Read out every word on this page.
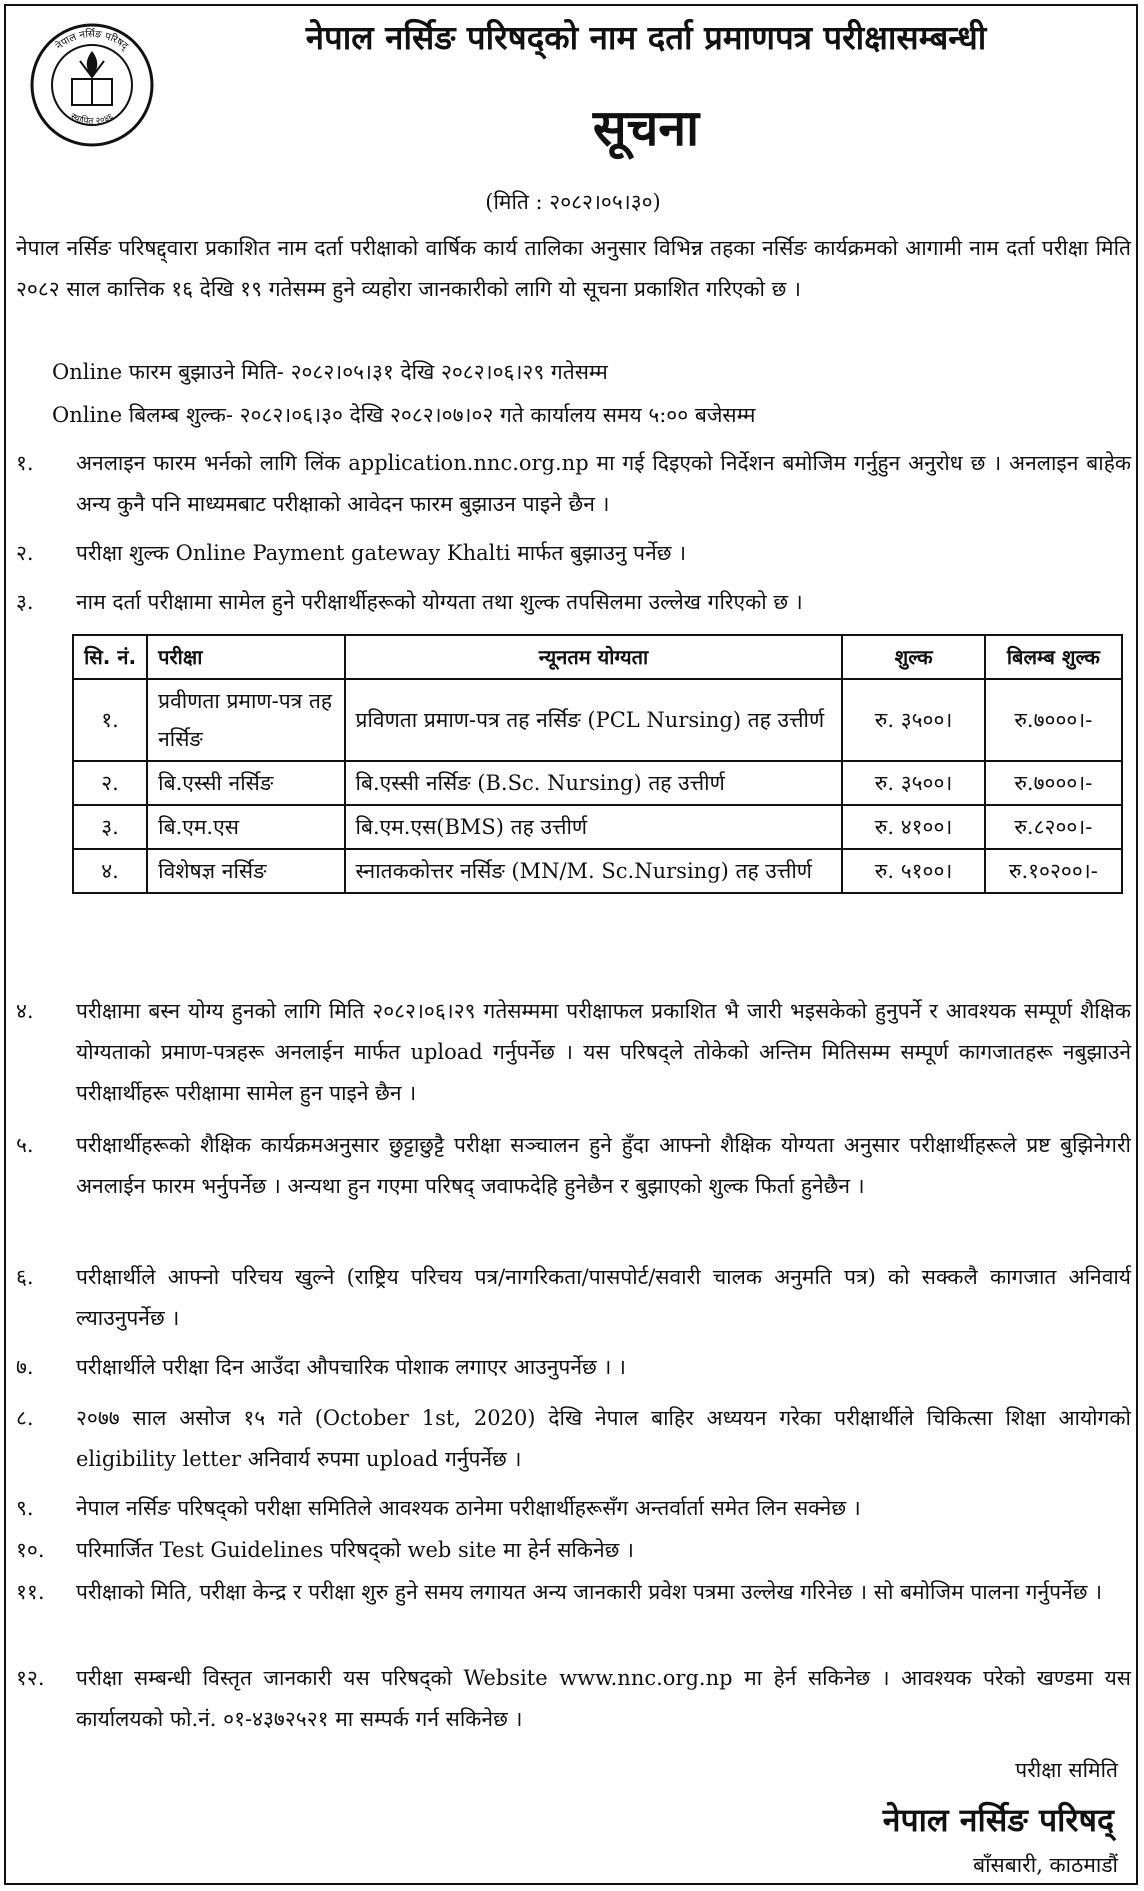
नेपाल नर्सिङ परिषद्
स्थापित २०४६
नेपाल नर्सिङ परिषद्को नाम दर्ता प्रमाणपत्र परीक्षासम्बन्धी
सूचना
(मिति : २०८२।०५।३०)
नेपाल नर्सिङ परिषद्द्वारा प्रकाशित नाम दर्ता परीक्षाको वार्षिक कार्य तालिका अनुसार विभिन्न तहका नर्सिङ कार्यक्रमको आगामी नाम दर्ता परीक्षा मिति २०८२ साल कात्तिक १६ देखि १९ गतेसम्म हुने व्यहोरा जानकारीको लागि यो सूचना प्रकाशित गरिएको छ ।
Online फारम बुझाउने मिति- २०८२।०५।३१ देखि २०८२।०६।२९ गतेसम्म
Online बिलम्ब शुल्क- २०८२।०६।३० देखि २०८२।०७।०२ गते कार्यालय समय ५:०० बजेसम्म
१.	अनलाइन फारम भर्नको लागि लिंक application.nnc.org.np मा गई दिइएको निर्देशन बमोजिम गर्नुहुन अनुरोध छ । अनलाइन बाहेक अन्य कुनै पनि माध्यमबाट परीक्षाको आवेदन फारम बुझाउन पाइने छैन ।
२.	परीक्षा शुल्क Online Payment gateway Khalti मार्फत बुझाउनु पर्नेछ ।
३.	नाम दर्ता परीक्षामा सामेल हुने परीक्षार्थीहरूको योग्यता तथा शुल्क तपसिलमा उल्लेख गरिएको छ ।
सि. नं.	परीक्षा	न्यूनतम योग्यता	शुल्क	बिलम्ब शुल्क
१.	प्रवीणता प्रमाण-पत्र तह नर्सिङ	प्रविणता प्रमाण-पत्र तह नर्सिङ (PCL Nursing) तह उत्तीर्ण	रु. ३५००।	रु.७०००।-
२.	बि.एस्सी नर्सिङ	बि.एस्सी नर्सिङ (B.Sc. Nursing) तह उत्तीर्ण	रु. ३५००।	रु.७०००।-
३.	बि.एम.एस	बि.एम.एस(BMS) तह उत्तीर्ण	रु. ४१००।	रु.८२००।-
४.	विशेषज्ञ नर्सिङ	स्नातककोत्तर नर्सिङ (MN/M. Sc.Nursing) तह उत्तीर्ण	रु. ५१००।	रु.१०२००।-
४.	परीक्षामा बस्न योग्य हुनको लागि मिति २०८२।०६।२९ गतेसम्ममा परीक्षाफल प्रकाशित भै जारी भइसकेको हुनुपर्ने र आवश्यक सम्पूर्ण शैक्षिक योग्यताको प्रमाण-पत्रहरू अनलाईन मार्फत upload गर्नुपर्नेछ । यस परिषद्ले तोकेको अन्तिम मितिसम्म सम्पूर्ण कागजातहरू नबुझाउने परीक्षार्थीहरू परीक्षामा सामेल हुन पाइने छैन ।
५.	परीक्षार्थीहरूको शैक्षिक कार्यक्रमअनुसार छुट्टाछुट्टै परीक्षा सञ्चालन हुने हुँदा आफ्नो शैक्षिक योग्यता अनुसार परीक्षार्थीहरूले प्रष्ट बुझिनेगरी अनलाईन फारम भर्नुपर्नेछ । अन्यथा हुन गएमा परिषद् जवाफदेहि हुनेछैन र बुझाएको शुल्क फिर्ता हुनेछैन ।
६.	परीक्षार्थीले आफ्नो परिचय खुल्ने (राष्ट्रिय परिचय पत्र/नागरिकता/पासपोर्ट/सवारी चालक अनुमति पत्र) को सक्कलै कागजात अनिवार्य ल्याउनुपर्नेछ ।
७.	परीक्षार्थीले परीक्षा दिन आउँदा औपचारिक पोशाक लगाएर आउनुपर्नेछ । ।
८.	२०७७ साल असोज १५ गते (October 1st, 2020) देखि नेपाल बाहिर अध्ययन गरेका परीक्षार्थीले चिकित्सा शिक्षा आयोगको eligibility letter अनिवार्य रुपमा upload गर्नुपर्नेछ ।
९.	नेपाल नर्सिङ परिषद्को परीक्षा समितिले आवश्यक ठानेमा परीक्षार्थीहरूसँग अन्तर्वार्ता समेत लिन सक्नेछ ।
१०.	परिमार्जित Test Guidelines परिषद्को web site मा हेर्न सकिनेछ ।
११.	परीक्षाको मिति, परीक्षा केन्द्र र परीक्षा शुरु हुने समय लगायत अन्य जानकारी प्रवेश पत्रमा उल्लेख गरिनेछ । सो बमोजिम पालना गर्नुपर्नेछ ।
१२.	परीक्षा सम्बन्धी विस्तृत जानकारी यस परिषद्को Website www.nnc.org.np मा हेर्न सकिनेछ । आवश्यक परेको खण्डमा यस कार्यालयको फो.नं. ०१-४३७२५२१ मा सम्पर्क गर्न सकिनेछ ।
परीक्षा समिति
नेपाल नर्सिङ परिषद्
बाँसबारी, काठमाडौं
